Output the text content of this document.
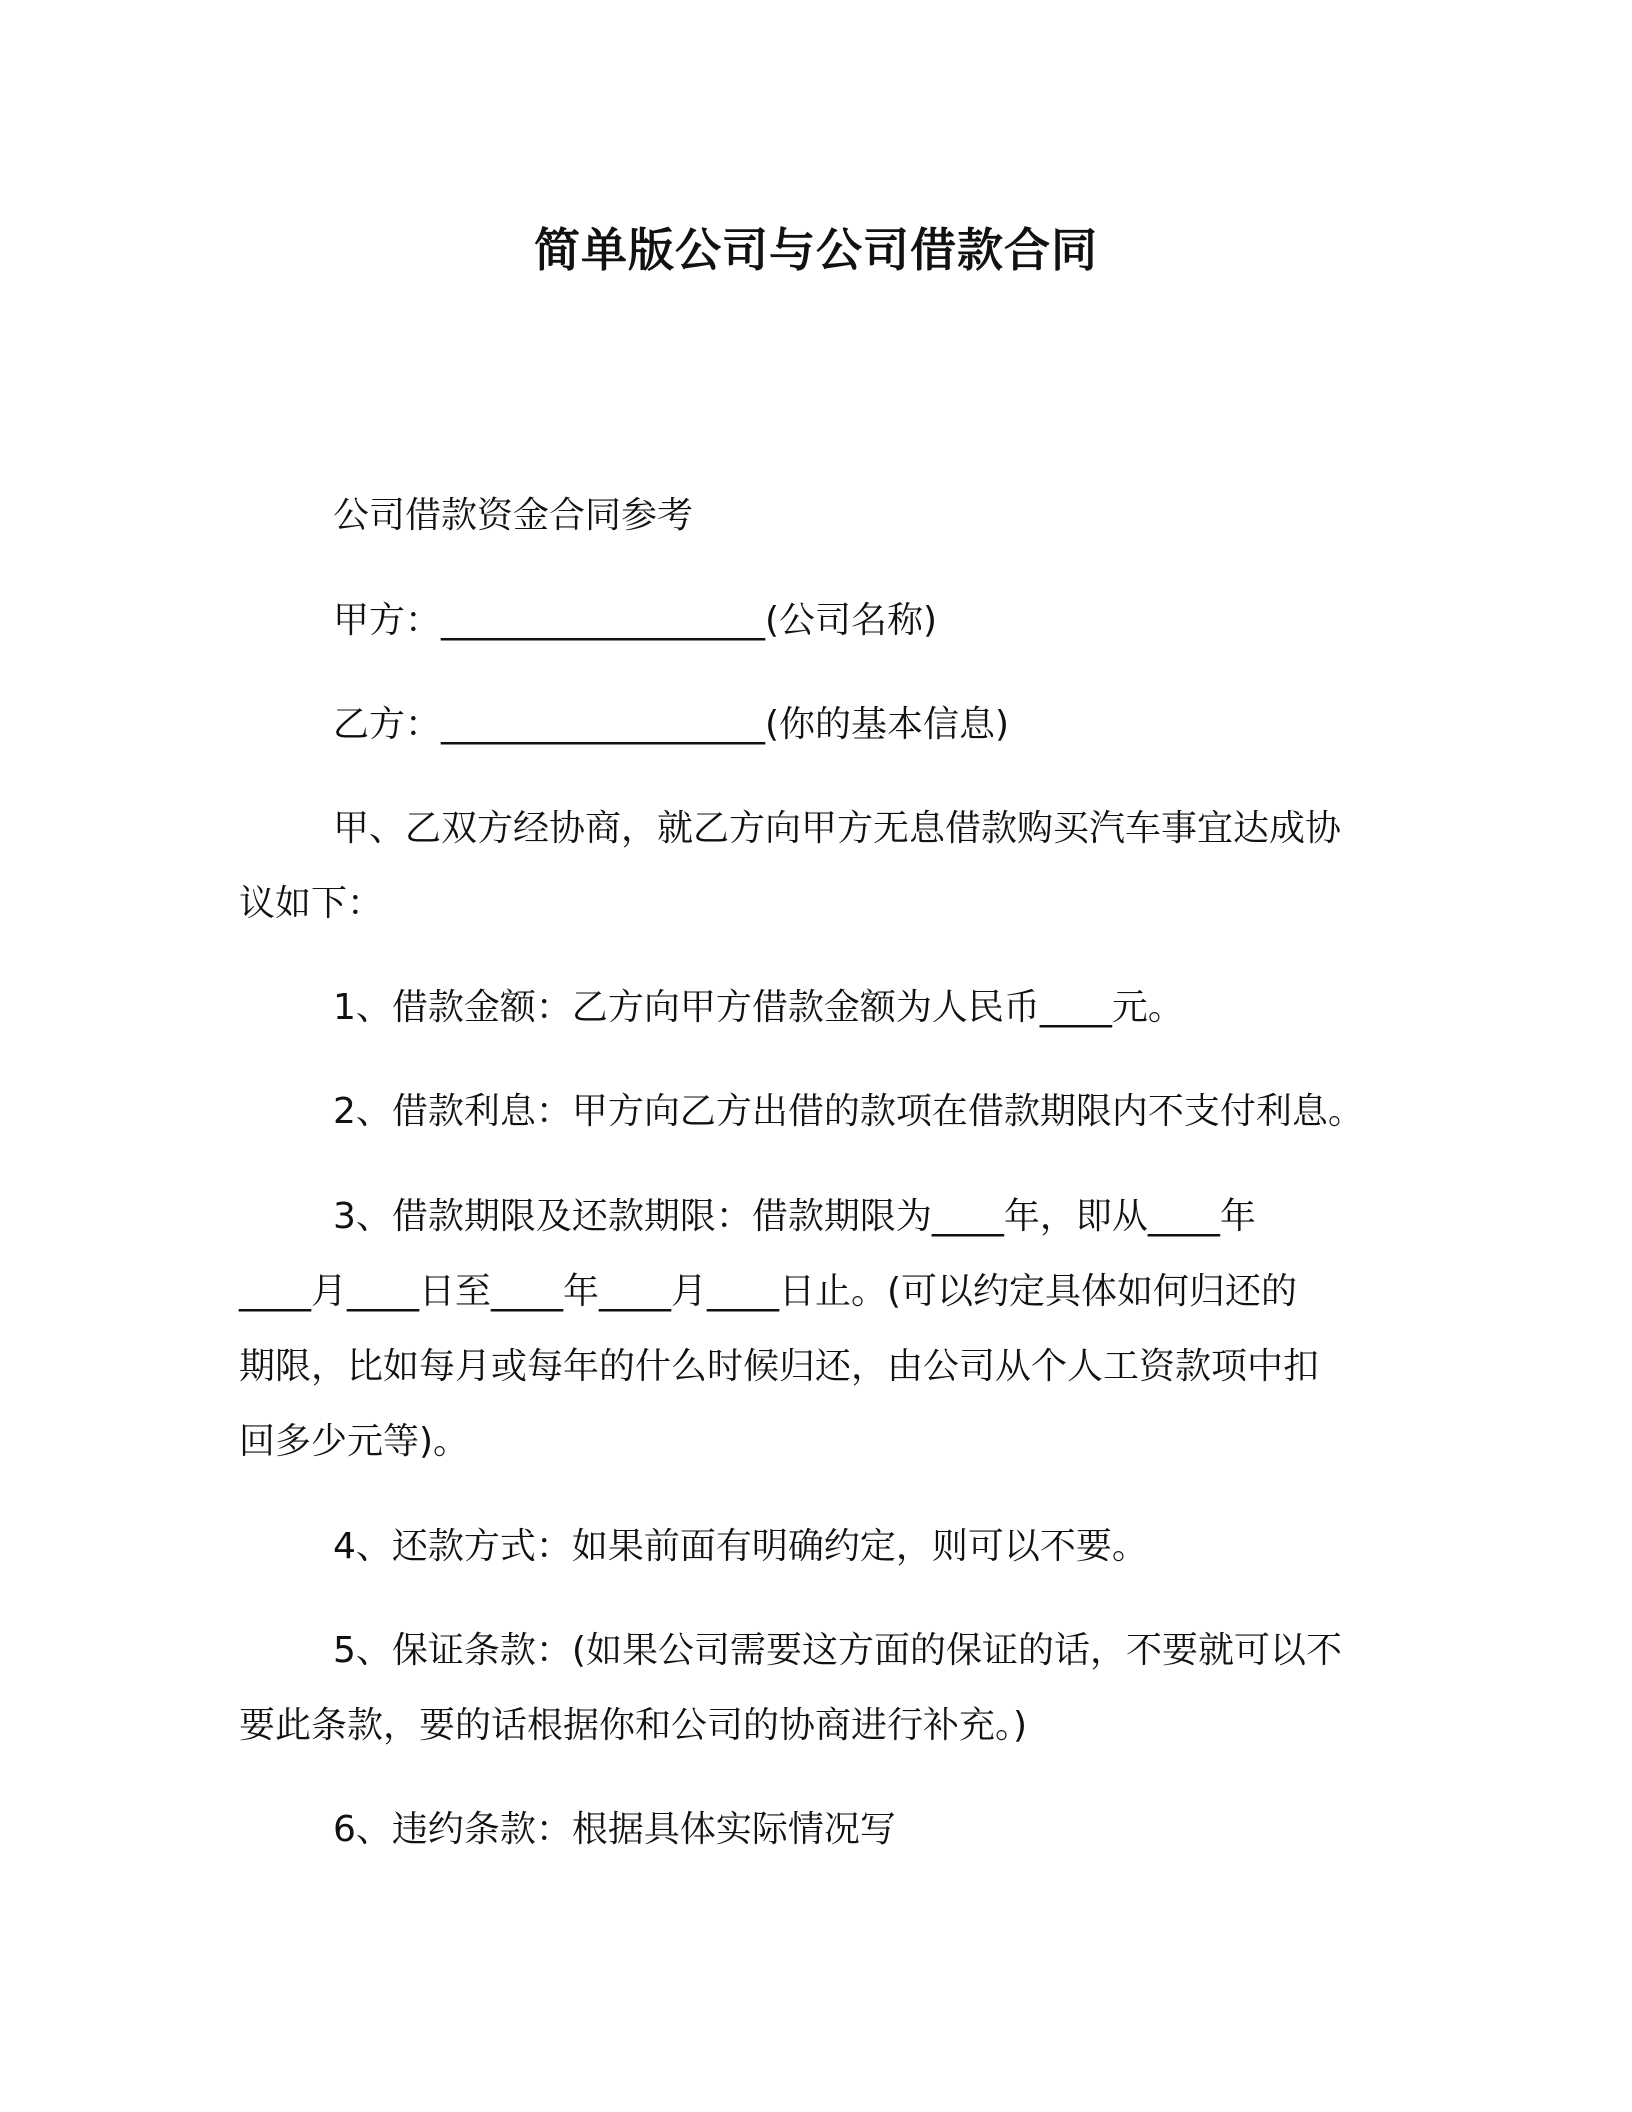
简单版公司与公司借款合同
公司借款资金合同参考
甲方：__________________(公司名称)
乙方：__________________(你的基本信息)
甲、乙双方经协商，就乙方向甲方无息借款购买汽车事宜达成协
议如下：
1、借款金额：乙方向甲方借款金额为人民币____元。
2、借款利息：甲方向乙方出借的款项在借款期限内不支付利息。
3、借款期限及还款期限：借款期限为____年，即从____年
____月____日至____年____月____日止。(可以约定具体如何归还的
期限，比如每月或每年的什么时候归还，由公司从个人工资款项中扣
回多少元等)。
4、还款方式：如果前面有明确约定，则可以不要。
5、保证条款：(如果公司需要这方面的保证的话，不要就可以不
要此条款，要的话根据你和公司的协商进行补充。)
6、违约条款：根据具体实际情况写
